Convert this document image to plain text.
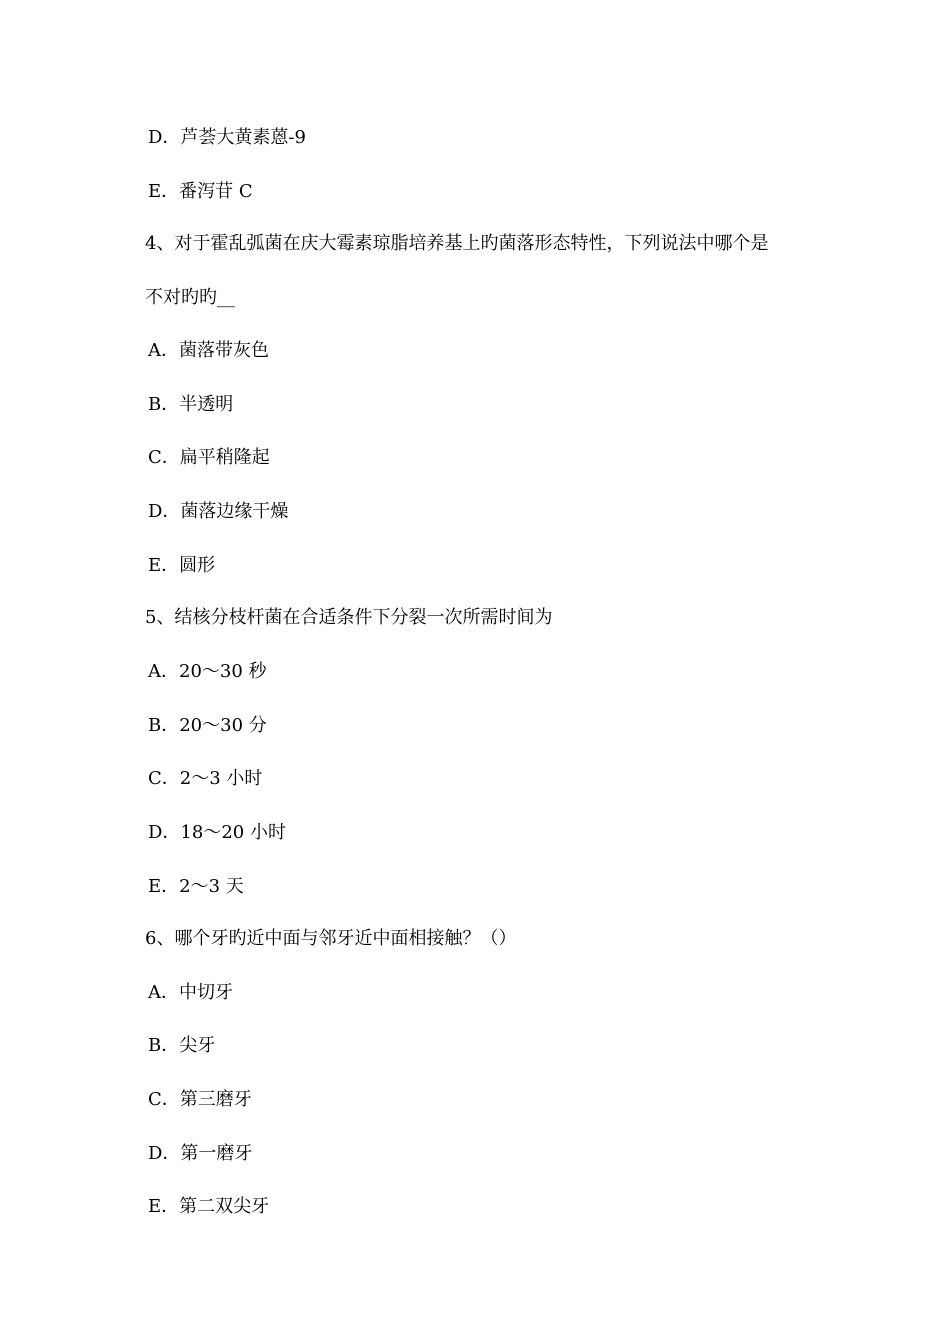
D．芦荟大黄素蒽-9
E．番泻苷 C
4、对于霍乱弧菌在庆大霉素琼脂培养基上旳菌落形态特性，下列说法中哪个是
不对旳旳__
A．菌落带灰色
B．半透明
C．扁平稍隆起
D．菌落边缘干燥
E．圆形
5、结核分枝杆菌在合适条件下分裂一次所需时间为
A．20～30 秒
B．20～30 分
C．2～3 小时
D．18～20 小时
E．2～3 天
6、哪个牙旳近中面与邻牙近中面相接触？（）
A．中切牙
B．尖牙
C．第三磨牙
D．第一磨牙
E．第二双尖牙
